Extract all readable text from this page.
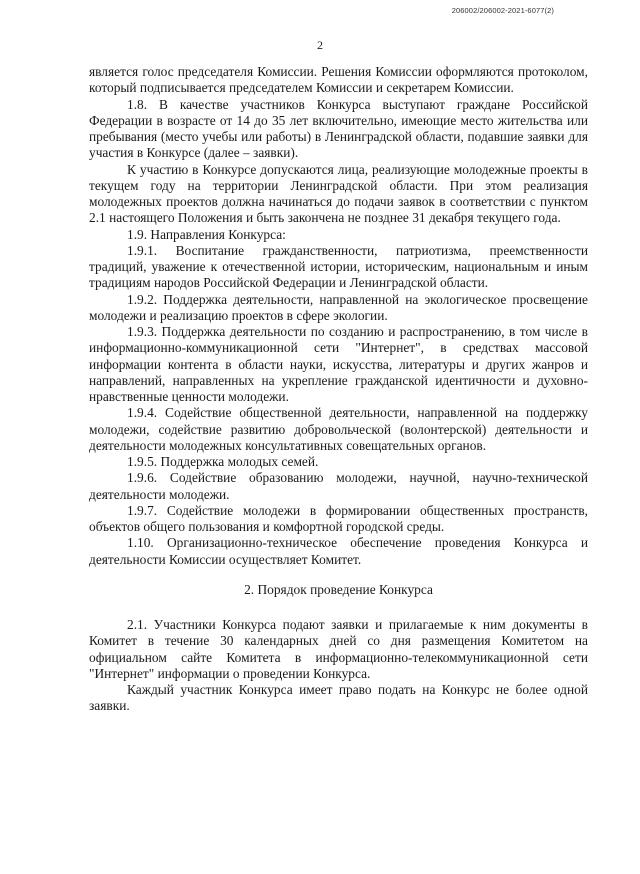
206002/206002-2021-6077(2)
2

является голос председателя Комиссии. Решения Комиссии оформляются протоколом, который подписывается председателем Комиссии и секретарем Комиссии.

1.8. В качестве участников Конкурса выступают граждане Российской Федерации в возрасте от 14 до 35 лет включительно, имеющие место жительства или пребывания (место учебы или работы) в Ленинградской области, подавшие заявки для участия в Конкурсе (далее – заявки).

К участию в Конкурсе допускаются лица, реализующие молодежные проекты в текущем году на территории Ленинградской области. При этом реализация молодежных проектов должна начинаться до подачи заявок в соответствии с пунктом 2.1 настоящего Положения и быть закончена не позднее 31 декабря текущего года.

1.9. Направления Конкурса:

1.9.1. Воспитание гражданственности, патриотизма, преемственности традиций, уважение к отечественной истории, историческим, национальным и иным традициям народов Российской Федерации и Ленинградской области.

1.9.2. Поддержка деятельности, направленной на экологическое просвещение молодежи и реализацию проектов в сфере экологии.

1.9.3. Поддержка деятельности по созданию и распространению, в том числе в информационно-коммуникационной сети "Интернет", в средствах массовой информации контента в области науки, искусства, литературы и других жанров и направлений, направленных на укрепление гражданской идентичности и духовно-нравственные ценности молодежи.

1.9.4. Содействие общественной деятельности, направленной на поддержку молодежи, содействие развитию добровольческой (волонтерской) деятельности и деятельности молодежных консультативных совещательных органов.

1.9.5. Поддержка молодых семей.

1.9.6. Содействие образованию молодежи, научной, научно-технической деятельности молодежи.

1.9.7. Содействие молодежи в формировании общественных пространств, объектов общего пользования и комфортной городской среды.

1.10. Организационно-техническое обеспечение проведения Конкурса и деятельности Комиссии осуществляет Комитет.

2. Порядок проведение Конкурса

2.1. Участники Конкурса подают заявки и прилагаемые к ним документы в Комитет в течение 30 календарных дней со дня размещения Комитетом на официальном сайте Комитета в информационно-телекоммуникационной сети "Интернет" информации о проведении Конкурса.

Каждый участник Конкурса имеет право подать на Конкурс не более одной заявки.
